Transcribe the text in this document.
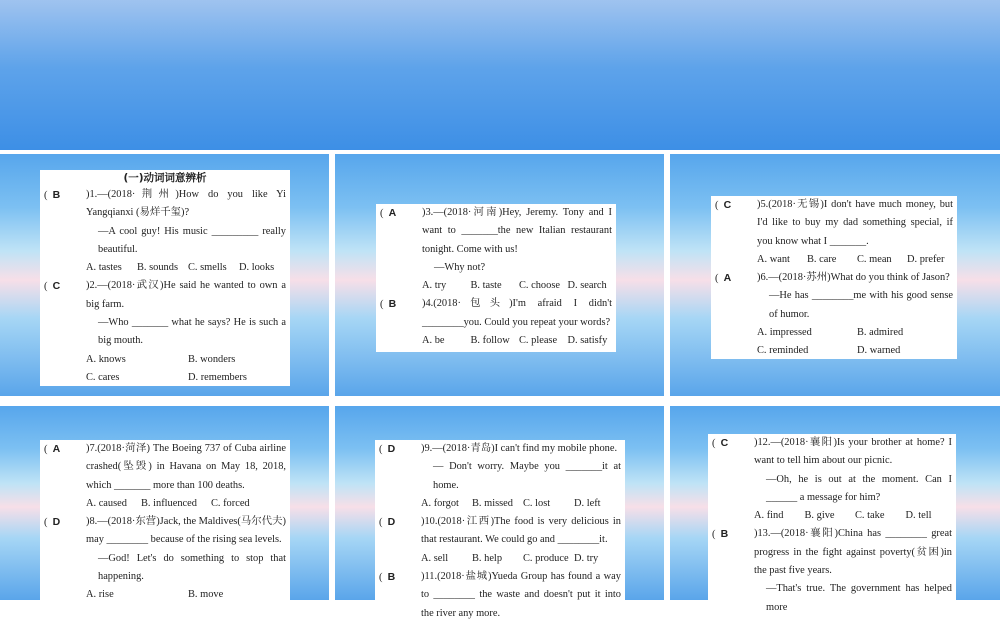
(一)动词词意辨析
( B	)1.—(2018·荆州)How do you like Yi Yangqianxi (易烊千玺)?
—A cool guy! His music _________ really beautiful.
A. tastes	B. sounds C. smells	D. looks
( C	)2.—(2018·武汉)He said he wanted to own a big farm.
—Who _______ what he says? He is such a big mouth.
A. knows	B. wonders
C. cares	D. remembers
( A	)3.—(2018·河南)Hey, Jeremy. Tony and I want to _______the new Italian restaurant tonight. Come with us!
—Why not?
A. try	B. taste	C. choose D. search
( B	)4.(2018·包头)I'm afraid I didn't ________you. Could you repeat your words?
A. be	B. follow C. please	D. satisfy
( C	)5.(2018·无锡)I don't have much money, but I'd like to buy my dad something special, if you know what I _______.
A. want	B. care	C. mean	D. prefer
( A	)6.—(2018·苏州)What do you think of Jason?
—He has ________me with his good sense of humor.
A. impressed	B. admired
C. reminded	D. warned
( A	)7.(2018·菏泽) The Boeing 737 of Cuba airline crashed(坠毁) in Havana on May 18, 2018, which _______ more than 100 deaths.
A. caused B. influenced C. forced
( D	)8.—(2018·东营)Jack, the Maldives(马尔代夫) may ________ because of the rising sea levels.
—God! Let's do something to stop that happening.
A. rise	B. move
( D	)9.—(2018·青岛)I can't find my mobile phone.
— Don't worry. Maybe you _______it at home.
A. forgot	B. missed C. lost	D. left
( D	)10.(2018·江西)The food is very delicious in that restaurant. We could go and ________it.
A. sell	B. help	C. produce D. try
( B	)11.(2018·盐城)Yueda Group has found a way to ________ the waste and doesn't put it into the river any more.
( C	)12.—(2018·襄阳)Is your brother at home? I want to tell him about our picnic.
—Oh, he is out at the moment. Can I ______ a message for him?
A. find	B. give	C. take	D. tell
( B	)13.—(2018·襄阳)China has ________ great progress in the fight against poverty(贫困)in the past five years.
—That's true. The government has helped more
